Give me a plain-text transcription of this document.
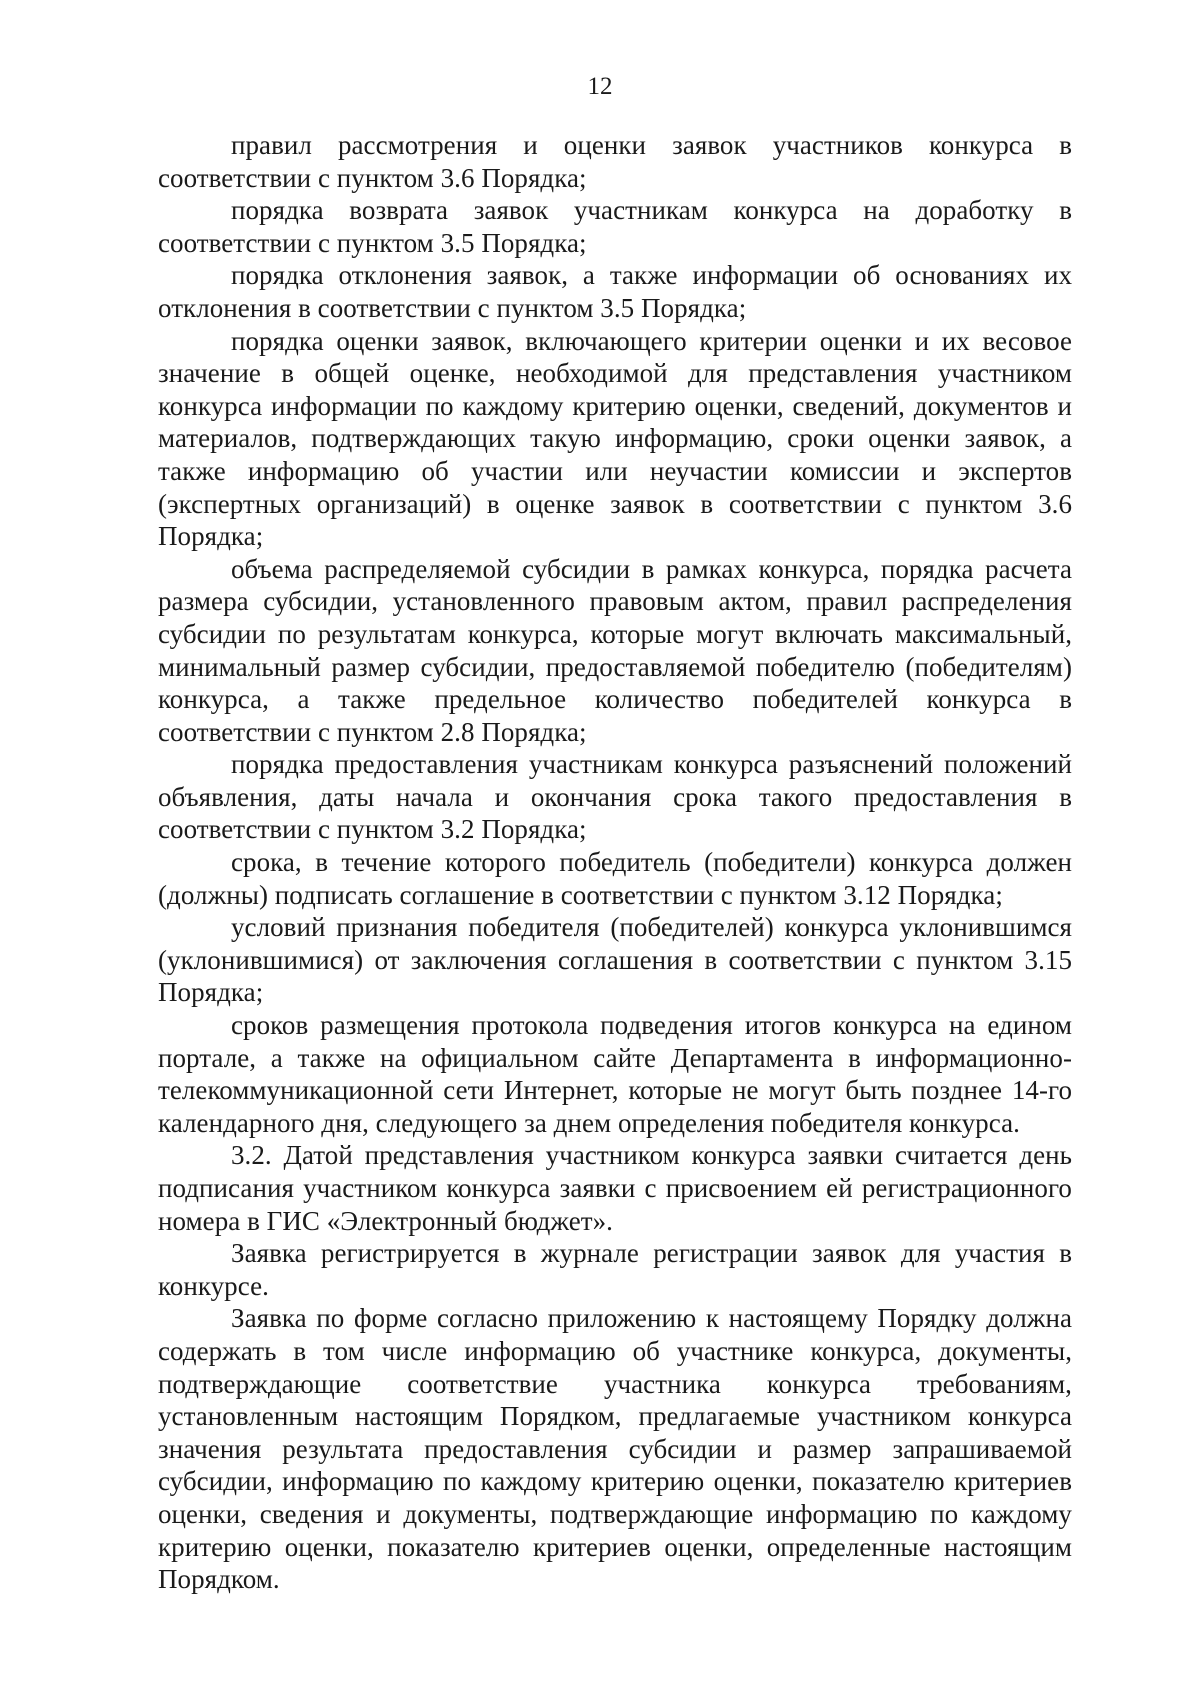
12

правил рассмотрения и оценки заявок участников конкурса в соответствии с пунктом 3.6 Порядка;

порядка возврата заявок участникам конкурса на доработку в соответствии с пунктом 3.5 Порядка;

порядка отклонения заявок, а также информации об основаниях их отклонения в соответствии с пунктом 3.5 Порядка;

порядка оценки заявок, включающего критерии оценки и их весовое значение в общей оценке, необходимой для представления участником конкурса информации по каждому критерию оценки, сведений, документов и материалов, подтверждающих такую информацию, сроки оценки заявок, а также информацию об участии или неучастии комиссии и экспертов (экспертных организаций) в оценке заявок в соответствии с пунктом 3.6 Порядка;

объема распределяемой субсидии в рамках конкурса, порядка расчета размера субсидии, установленного правовым актом, правил распределения субсидии по результатам конкурса, которые могут включать максимальный, минимальный размер субсидии, предоставляемой победителю (победителям) конкурса, а также предельное количество победителей конкурса в соответствии с пунктом 2.8 Порядка;

порядка предоставления участникам конкурса разъяснений положений объявления, даты начала и окончания срока такого предоставления в соответствии с пунктом 3.2 Порядка;

срока, в течение которого победитель (победители) конкурса должен (должны) подписать соглашение в соответствии с пунктом 3.12 Порядка;

условий признания победителя (победителей) конкурса уклонившимся (уклонившимися) от заключения соглашения в соответствии с пунктом 3.15 Порядка;

сроков размещения протокола подведения итогов конкурса на едином портале, а также на официальном сайте Департамента в информационно-телекоммуникационной сети Интернет, которые не могут быть позднее 14-го календарного дня, следующего за днем определения победителя конкурса.

3.2. Датой представления участником конкурса заявки считается день подписания участником конкурса заявки с присвоением ей регистрационного номера в ГИС «Электронный бюджет».

Заявка регистрируется в журнале регистрации заявок для участия в конкурсе.

Заявка по форме согласно приложению к настоящему Порядку должна содержать в том числе информацию об участнике конкурса, документы, подтверждающие соответствие участника конкурса требованиям, установленным настоящим Порядком, предлагаемые участником конкурса значения результата предоставления субсидии и размер запрашиваемой субсидии, информацию по каждому критерию оценки, показателю критериев оценки, сведения и документы, подтверждающие информацию по каждому критерию оценки, показателю критериев оценки, определенные настоящим Порядком.
